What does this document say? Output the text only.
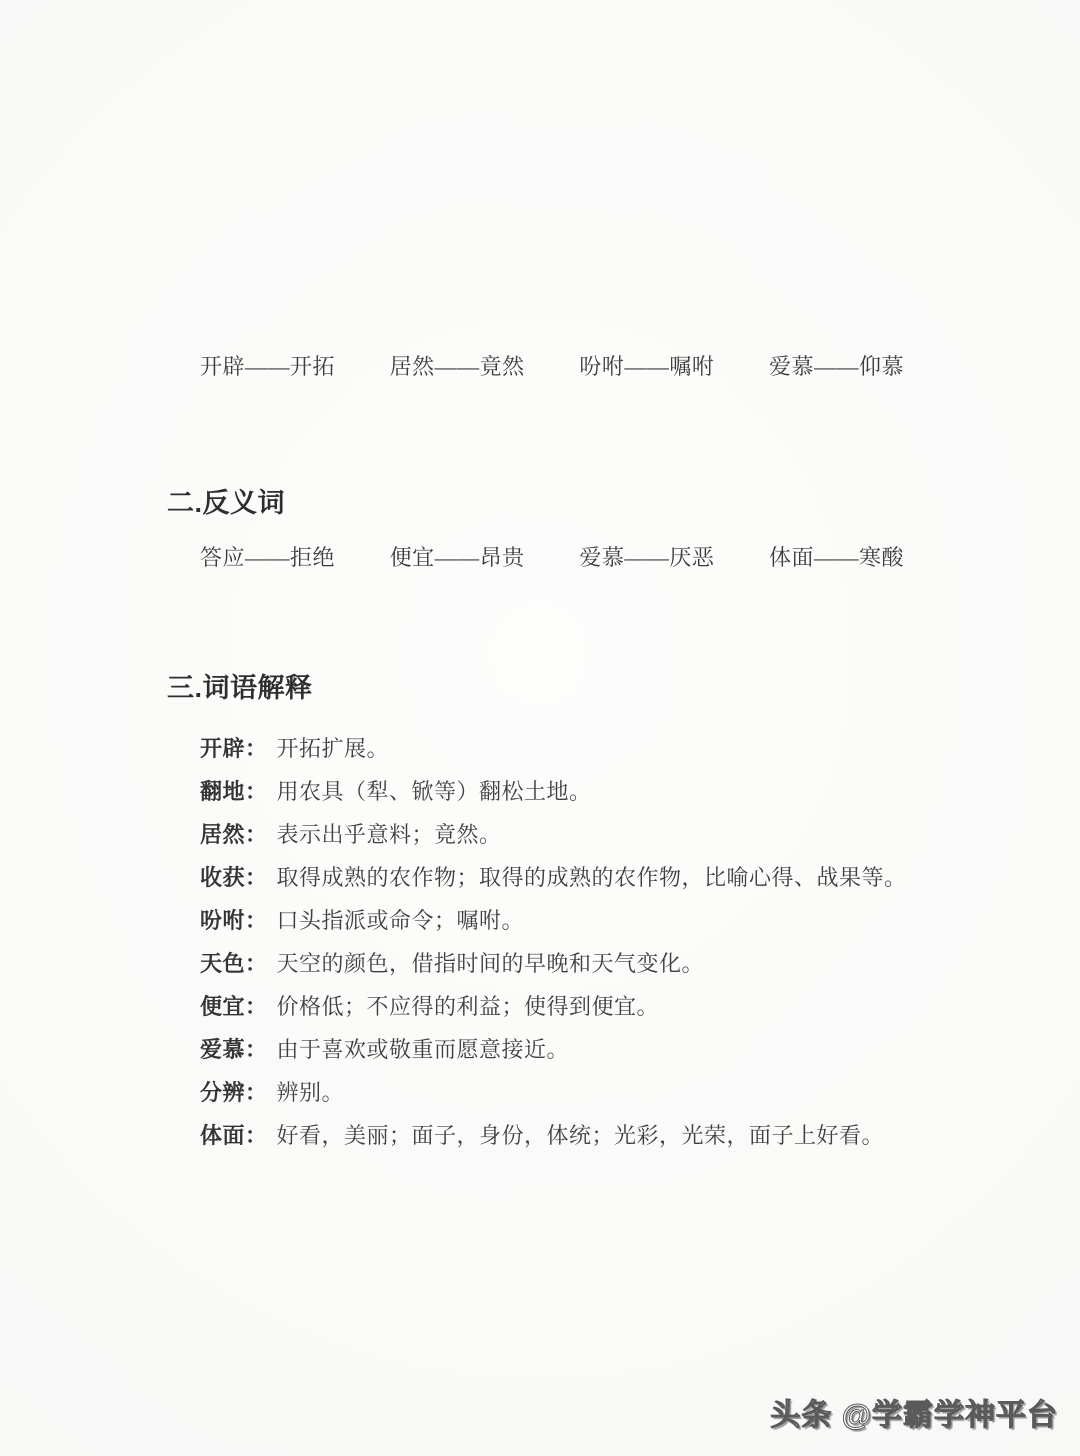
开辟——开拓 居然——竟然 吩咐——嘱咐 爱慕——仰慕
二.反义词
答应——拒绝 便宜——昂贵 爱慕——厌恶 体面——寒酸
三.词语解释
开辟： 开拓扩展。
翻地： 用农具（犁、锨等）翻松土地。
居然： 表示出乎意料；竟然。
收获： 取得成熟的农作物；取得的成熟的农作物，比喻心得、战果等。
吩咐： 口头指派或命令；嘱咐。
天色： 天空的颜色，借指时间的早晚和天气变化。
便宜： 价格低；不应得的利益；使得到便宜。
爱慕： 由于喜欢或敬重而愿意接近。
分辨： 辨别。
体面： 好看，美丽；面子，身份，体统；光彩，光荣，面子上好看。
头条 @学霸学神平台
